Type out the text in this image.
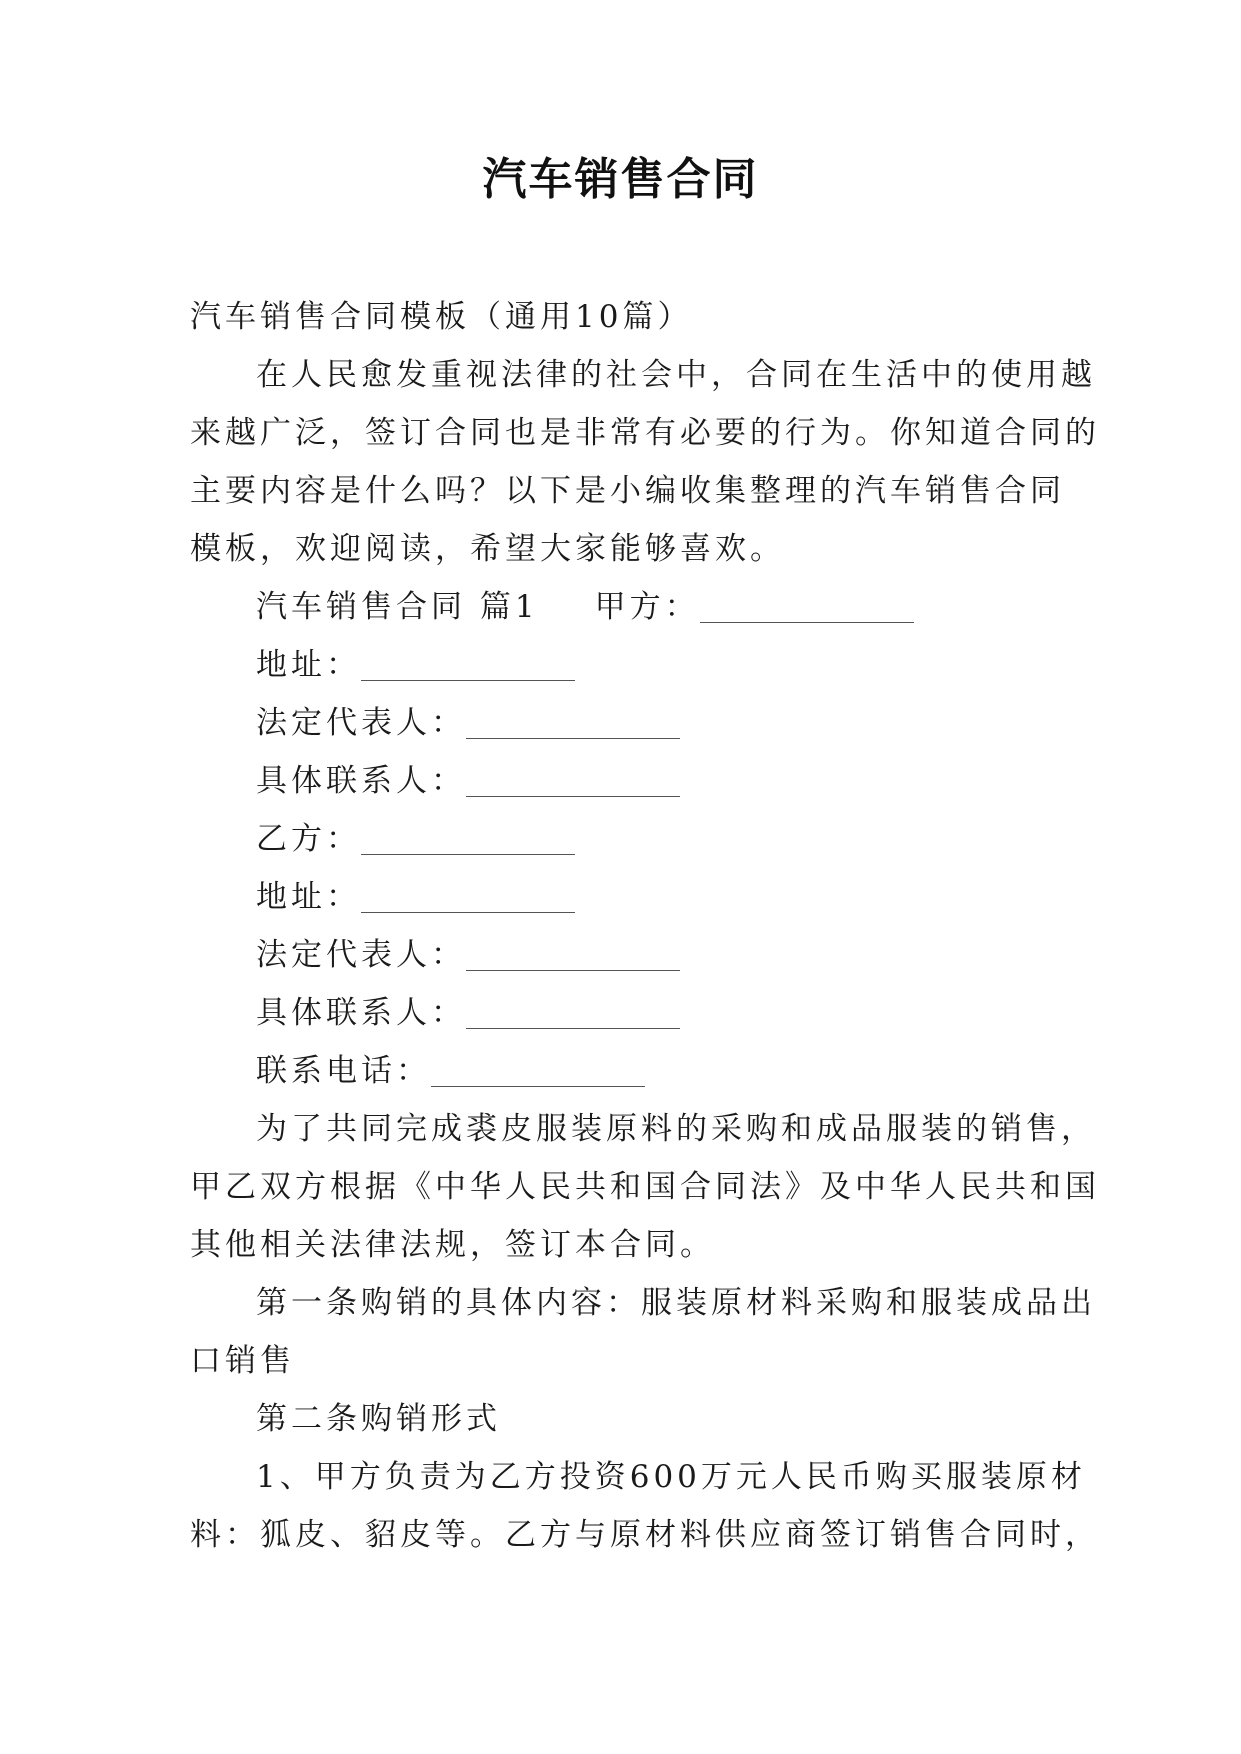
汽车销售合同
汽车销售合同模板（通用10篇）
在人民愈发重视法律的社会中，合同在生活中的使用越
来越广泛，签订合同也是非常有必要的行为。你知道合同的
主要内容是什么吗？以下是小编收集整理的汽车销售合同
模板，欢迎阅读，希望大家能够喜欢。
汽车销售合同 篇1 甲方：
地址：
法定代表人：
具体联系人：
乙方：
地址：
法定代表人：
具体联系人：
联系电话：
为了共同完成裘皮服装原料的采购和成品服装的销售，
甲乙双方根据《中华人民共和国合同法》及中华人民共和国
其他相关法律法规，签订本合同。
第一条购销的具体内容：服装原材料采购和服装成品出
口销售
第二条购销形式
1、甲方负责为乙方投资600万元人民币购买服装原材
料：狐皮、貂皮等。乙方与原材料供应商签订销售合同时，
